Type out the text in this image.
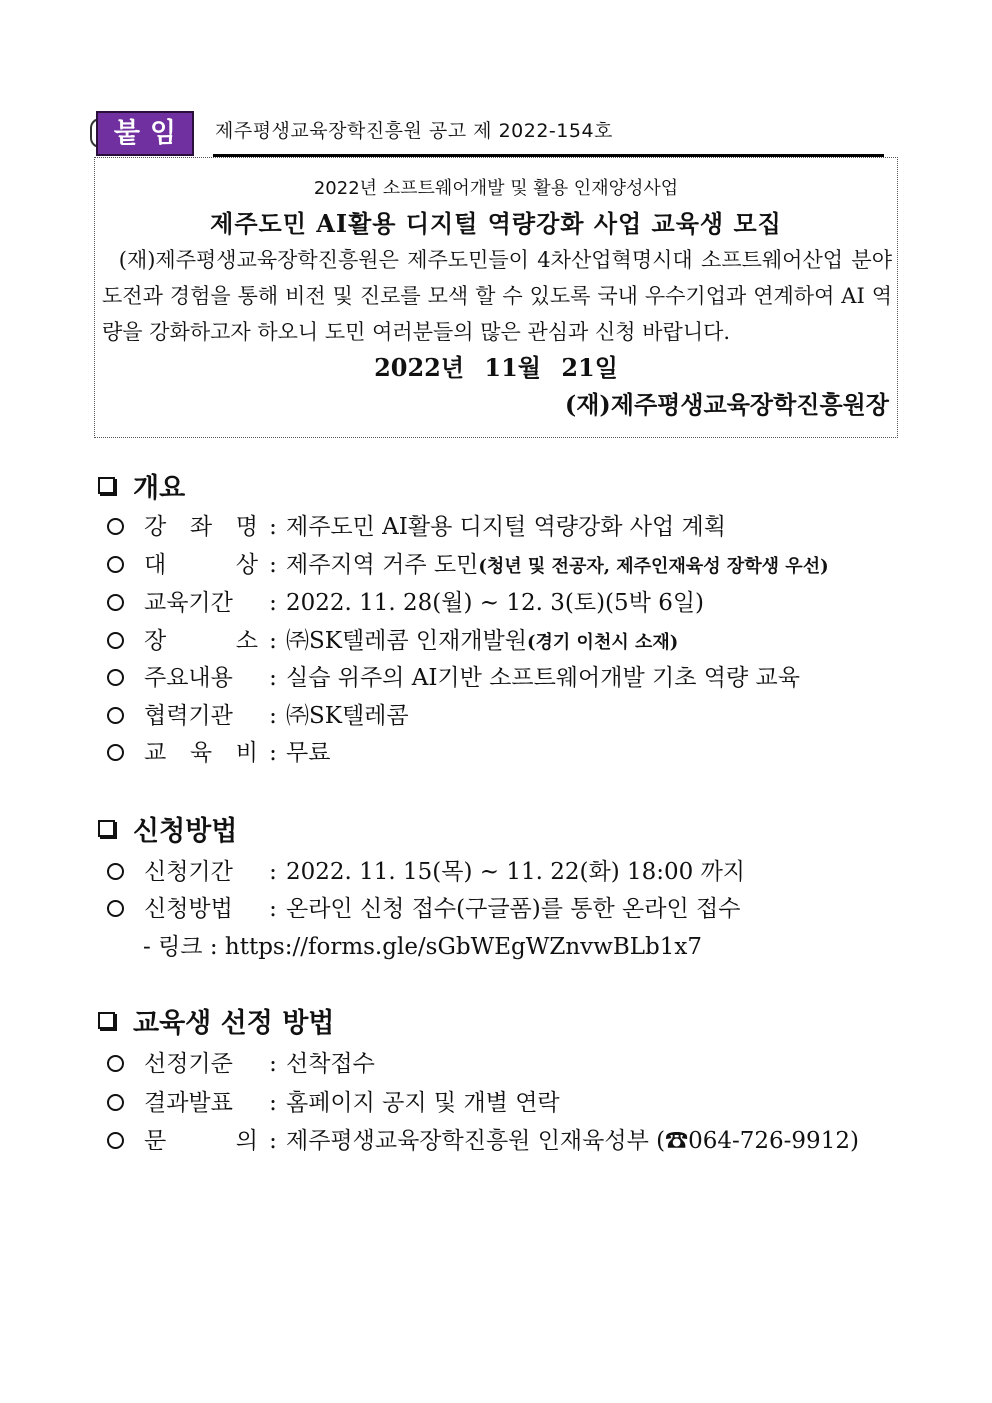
붙임	제주평생교육장학진흥원 공고 제 2022-154호
2022년 소프트웨어개발 및 활용 인재양성사업
제주도민 AI활용 디지털 역량강화 사업 교육생 모집
(재)제주평생교육장학진흥원은 제주도민들이 4차산업혁명시대 소프트웨어산업 분야 도전과 경험을 통해 비전 및 진로를 모색 할 수 있도록 국내 우수기업과 연계하여 AI 역량을 강화하고자 하오니 도민 여러분들의 많은 관심과 신청 바랍니다.
2022년 11월 21일
(재)제주평생교육장학진흥원장
개요
강 좌 명 : 제주도민 AI활용 디지털 역량강화 사업 계획
대 상 : 제주지역 거주 도민 (청년 및 전공자, 제주인재육성 장학생 우선)
교육기간	: 2022. 11. 28(월) ~ 12. 3(토)(5박 6일)
장 소 : ㈜SK텔레콤 인재개발원 (경기 이천시 소재)
주요내용	: 실습 위주의 AI기반 소프트웨어개발 기초 역량 교육
협력기관	: ㈜SK텔레콤
교 육 비 : 무료
신청방법
신청기간	: 2022. 11. 15(목) ~ 11. 22(화) 18:00 까지
신청방법	: 온라인 신청 접수(구글폼)를 통한 온라인 접수
- 링크 : https://forms.gle/sGbWEgWZnvwBLb1x7
교육생 선정 방법
선정기준	: 선착접수
결과발표	: 홈페이지 공지 및 개별 연락
문 의 : 제주평생교육장학진흥원 인재육성부 (☎064-726-9912)
